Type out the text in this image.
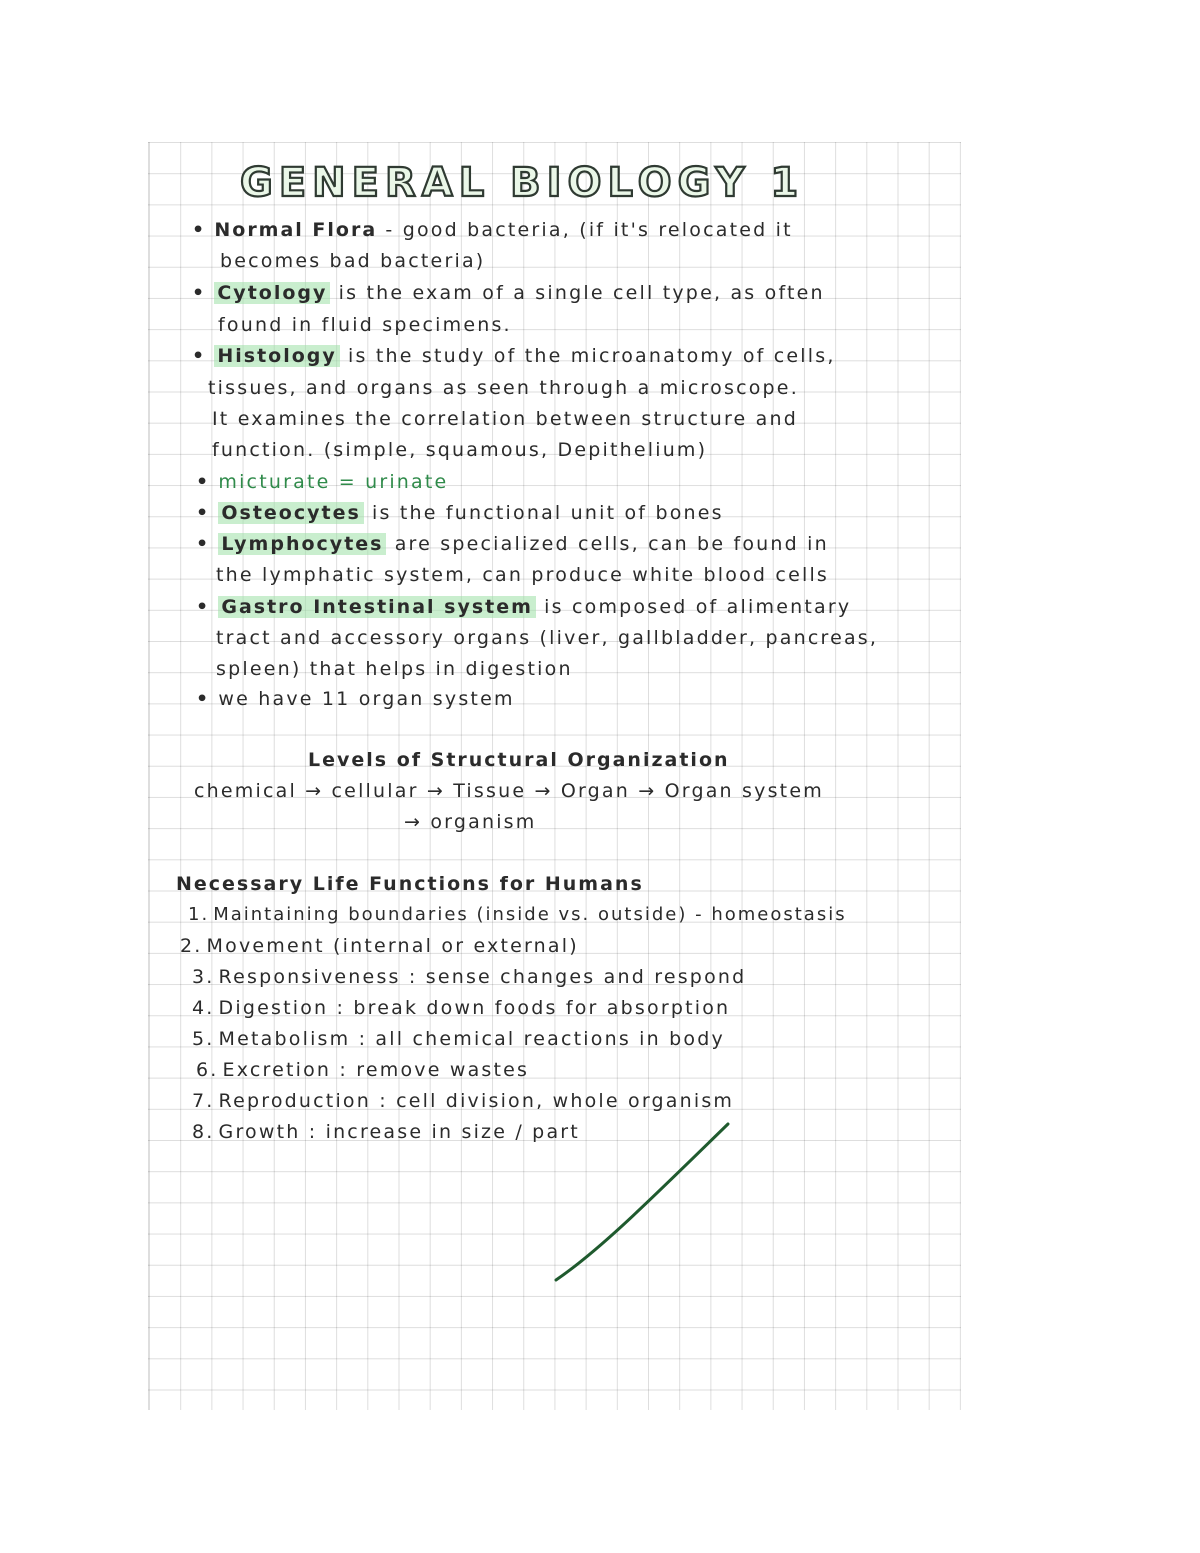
GENERAL BIOLOGY 1
• Normal Flora - good bacteria, (if it's relocated it
becomes bad bacteria)
• Cytology is the exam of a single cell type, as often
found in fluid specimens.
• Histology is the study of the microanatomy of cells,
tissues, and organs as seen through a microscope.
It examines the correlation between structure and
function. (simple, squamous, Depithelium)
• micturate = urinate
• Osteocytes is the functional unit of bones
• Lymphocytes are specialized cells, can be found in
the lymphatic system, can produce white blood cells
• Gastro Intestinal system is composed of alimentary
tract and accessory organs (liver, gallbladder, pancreas,
spleen) that helps in digestion
• we have 11 organ system
Levels of Structural Organization
chemical → cellular → Tissue → Organ → Organ system
→ organism
Necessary Life Functions for Humans
1. Maintaining boundaries (inside vs. outside) - homeostasis
2. Movement (internal or external)
3. Responsiveness : sense changes and respond
4. Digestion : break down foods for absorption
5. Metabolism : all chemical reactions in body
6. Excretion : remove wastes
7. Reproduction : cell division, whole organism
8. Growth : increase in size / part
